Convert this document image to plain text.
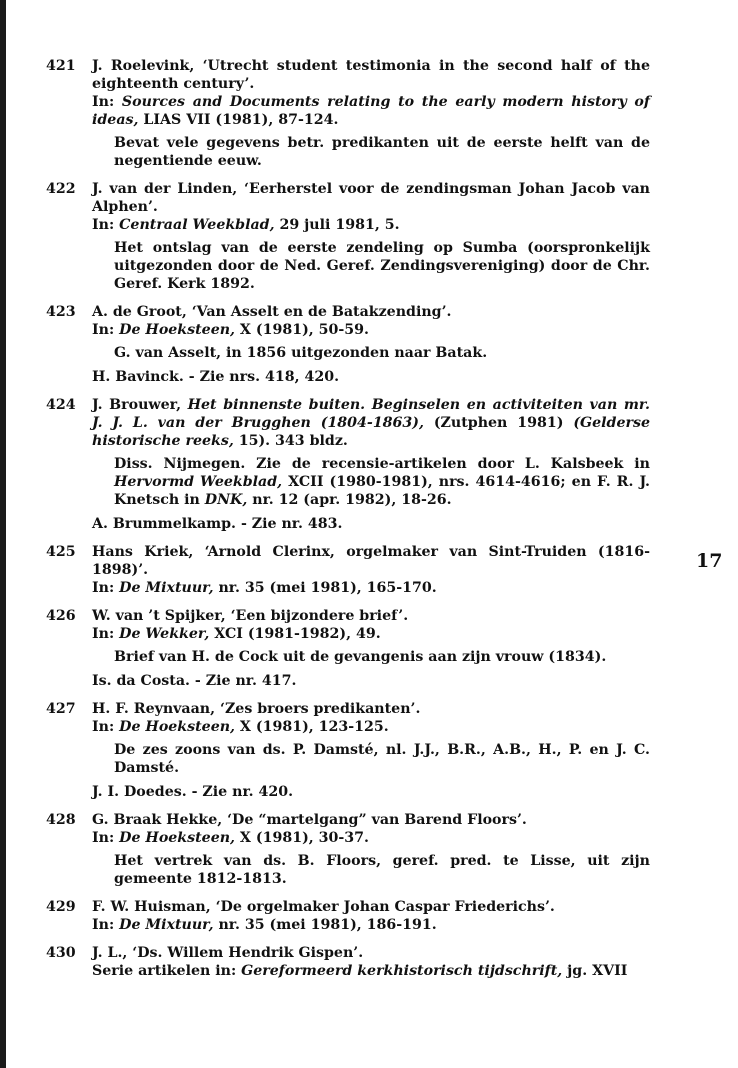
17
421	J. Roelevink, ‘Utrecht student testimonia in the second half of the eighteenth century’.
In: Sources and Documents relating to the early modern history of ideas, LIAS VII (1981), 87-124.
Bevat vele gegevens betr. predikanten uit de eerste helft van de negentiende eeuw.
422	J. van der Linden, ‘Eerherstel voor de zendingsman Johan Jacob van Alphen’.
In: Centraal Weekblad, 29 juli 1981, 5.
Het ontslag van de eerste zendeling op Sumba (oorspronkelijk uitgezonden door de Ned. Geref. Zendingsvereniging) door de Chr. Geref. Kerk 1892.
423	A. de Groot, ‘Van Asselt en de Batakzending’.
In: De Hoeksteen, X (1981), 50-59.
G. van Asselt, in 1856 uitgezonden naar Batak.
H. Bavinck. - Zie nrs. 418, 420.
424	J. Brouwer, Het binnenste buiten. Beginselen en activiteiten van mr. J. J. L. van der Brugghen (1804-1863), (Zutphen 1981) (Gelderse historische reeks, 15). 343 bldz.
Diss. Nijmegen. Zie de recensie-artikelen door L. Kalsbeek in Hervormd Weekblad, XCII (1980-1981), nrs. 4614-4616; en F. R. J. Knetsch in DNK, nr. 12 (apr. 1982), 18-26.
A. Brummelkamp. - Zie nr. 483.
425	Hans Kriek, ‘Arnold Clerinx, orgelmaker van Sint-Truiden (1816-1898)’.
In: De Mixtuur, nr. 35 (mei 1981), 165-170.
426	W. van ’t Spijker, ‘Een bijzondere brief’.
In: De Wekker, XCI (1981-1982), 49.
Brief van H. de Cock uit de gevangenis aan zijn vrouw (1834).
Is. da Costa. - Zie nr. 417.
427	H. F. Reynvaan, ‘Zes broers predikanten’.
In: De Hoeksteen, X (1981), 123-125.
De zes zoons van ds. P. Damsté, nl. J.J., B.R., A.B., H., P. en J. C. Damsté.
J. I. Doedes. - Zie nr. 420.
428	G. Braak Hekke, ‘De “martelgang” van Barend Floors’.
In: De Hoeksteen, X (1981), 30-37.
Het vertrek van ds. B. Floors, geref. pred. te Lisse, uit zijn gemeente 1812-1813.
429	F. W. Huisman, ‘De orgelmaker Johan Caspar Friederichs’.
In: De Mixtuur, nr. 35 (mei 1981), 186-191.
430	J. L., ‘Ds. Willem Hendrik Gispen’.
Serie artikelen in: Gereformeerd kerkhistorisch tijdschrift, jg. XVII
